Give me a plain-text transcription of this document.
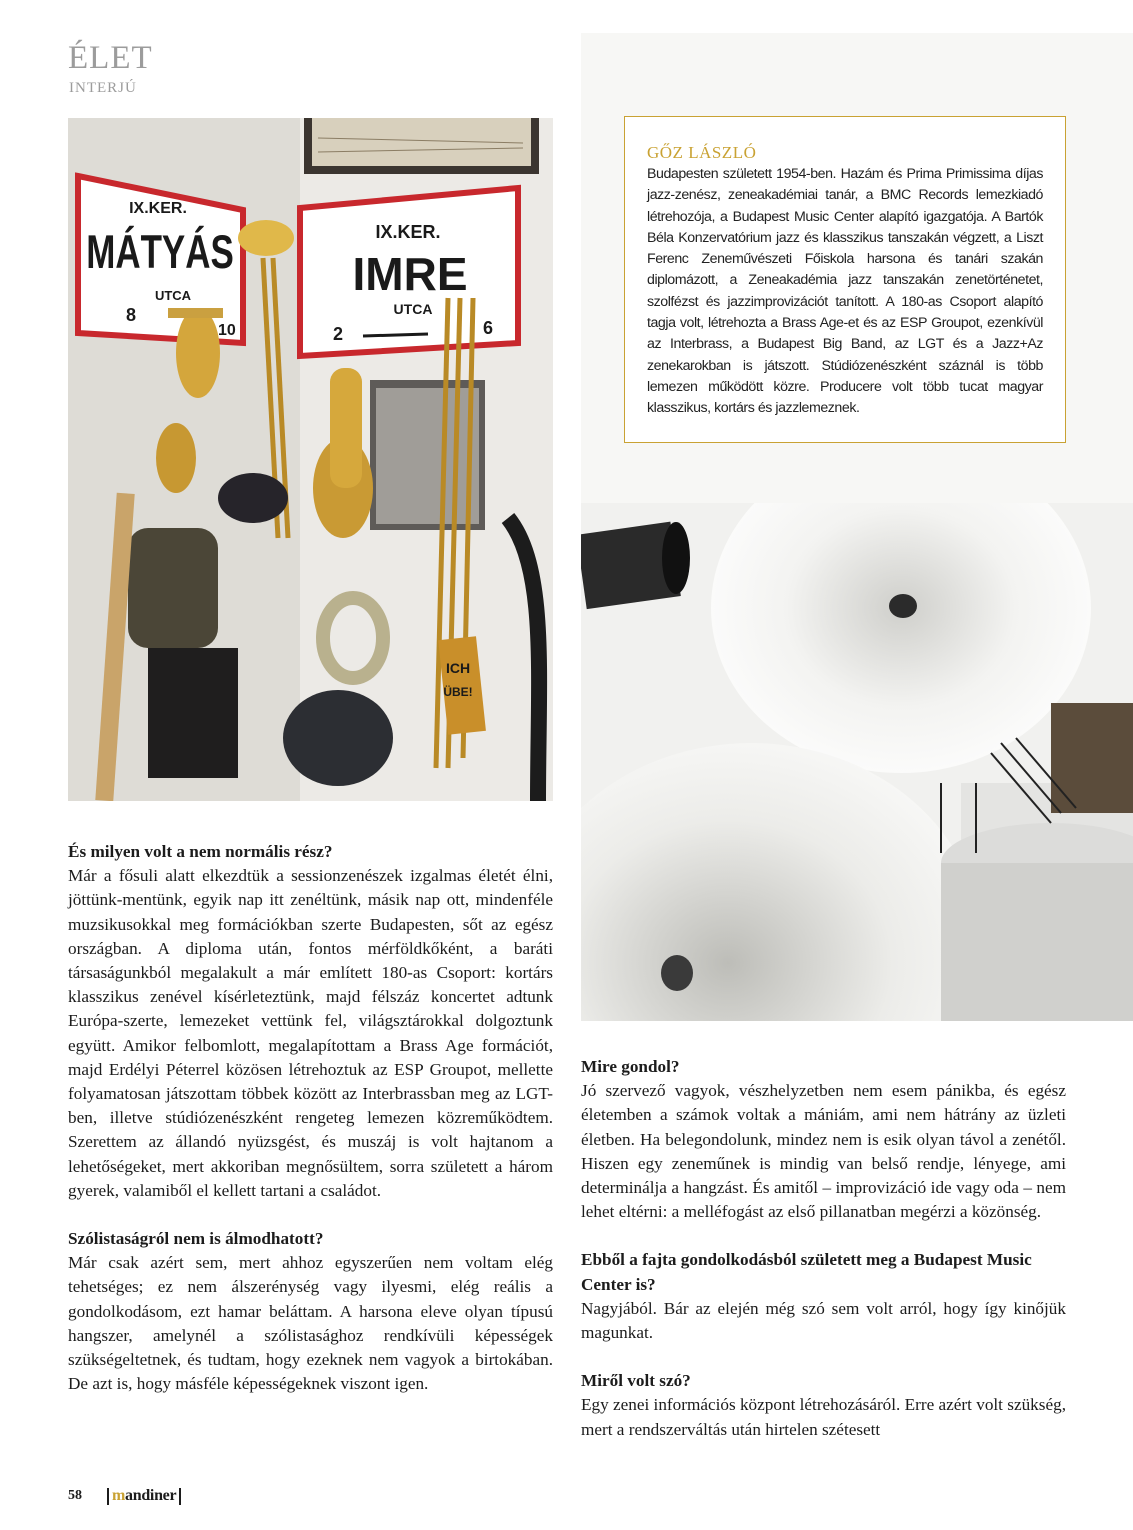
ÉLET
INTERJÚ
IX.KER.
MÁTYÁS
UTCA
8
10
IX.KER.
IMRE
UTCA
2	6
ICH
ÜBE!
GŐZ LÁSZLÓ
Budapesten született 1954-ben. Hazám és Prima Primissima díjas jazz-zenész, zeneakadémiai tanár, a BMC Records lemezkiadó létrehozója, a Budapest Music Center alapító igazgatója. A Bartók Béla Konzervatórium jazz és klasszikus tanszakán végzett, a Liszt Ferenc Zeneművészeti Főiskola harsona és tanári szakán diplomázott, a Zeneakadémia jazz tanszakán zenetörténetet, szolfézst és jazzimprovizációt tanított. A 180-as Csoport alapító tagja volt, létrehozta a Brass Age-et és az ESP Groupot, ezenkívül az Interbrass, a Budapest Big Band, az LGT és a Jazz+Az zenekarokban is játszott. Stúdiózenészként száznál is több lemezen működött közre. Producere volt több tucat magyar klasszikus, kortárs és jazzlemeznek.
És milyen volt a nem normális rész?
Már a fősuli alatt elkezdtük a sessionzenészek izgalmas életét élni, jöttünk-mentünk, egyik nap itt zenéltünk, másik nap ott, mindenféle muzsikusokkal meg formációkban szerte Budapesten, sőt az egész országban. A diploma után, fontos mérföldkőként, a baráti társaságunkból megalakult a már említett 180-as Csoport: kortárs klasszikus zenével kísérleteztünk, majd félszáz koncertet adtunk Európa-szerte, lemezeket vettünk fel, világsztárokkal dolgoztunk együtt. Amikor felbomlott, megalapítottam a Brass Age formációt, majd Erdélyi Péterrel közösen létrehoztuk az ESP Groupot, mellette folyamatosan játszottam többek között az Interbrassban meg az LGT-ben, illetve stúdiózenészként rengeteg lemezen közreműködtem. Szerettem az állandó nyüzsgést, és muszáj is volt hajtanom a lehetőségeket, mert akkoriban megnősültem, sorra született a három gyerek, valamiből el kellett tartani a családot.
Szólistaságról nem is álmodhatott?
Már csak azért sem, mert ahhoz egyszerűen nem voltam elég tehetséges; ez nem álszerénység vagy ilyesmi, elég reális a gondolkodásom, ezt hamar beláttam. A harsona eleve olyan típusú hangszer, amelynél a szólistasághoz rendkívüli képességek szükségeltetnek, és tudtam, hogy ezeknek nem vagyok a birtokában. De azt is, hogy másféle képességeknek viszont igen.
Mire gondol?
Jó szervező vagyok, vészhelyzetben nem esem pánikba, és egész életemben a számok voltak a mániám, ami nem hátrány az üzleti életben. Ha belegondolunk, mindez nem is esik olyan távol a zenétől. Hiszen egy zeneműnek is mindig van belső rendje, lényege, ami determinálja a hangzást. És amitől – improvizáció ide vagy oda – nem lehet eltérni: a melléfogást az első pillanatban megérzi a közönség.
Ebből a fajta gondolkodásból született meg a Budapest Music Center is?
Nagyjából. Bár az elején még szó sem volt arról, hogy így kinőjük magunkat.
Miről volt szó?
Egy zenei információs központ létrehozásáról. Erre azért volt szükség, mert a rendszerváltás után hirtelen szétesett
58 m andiner
